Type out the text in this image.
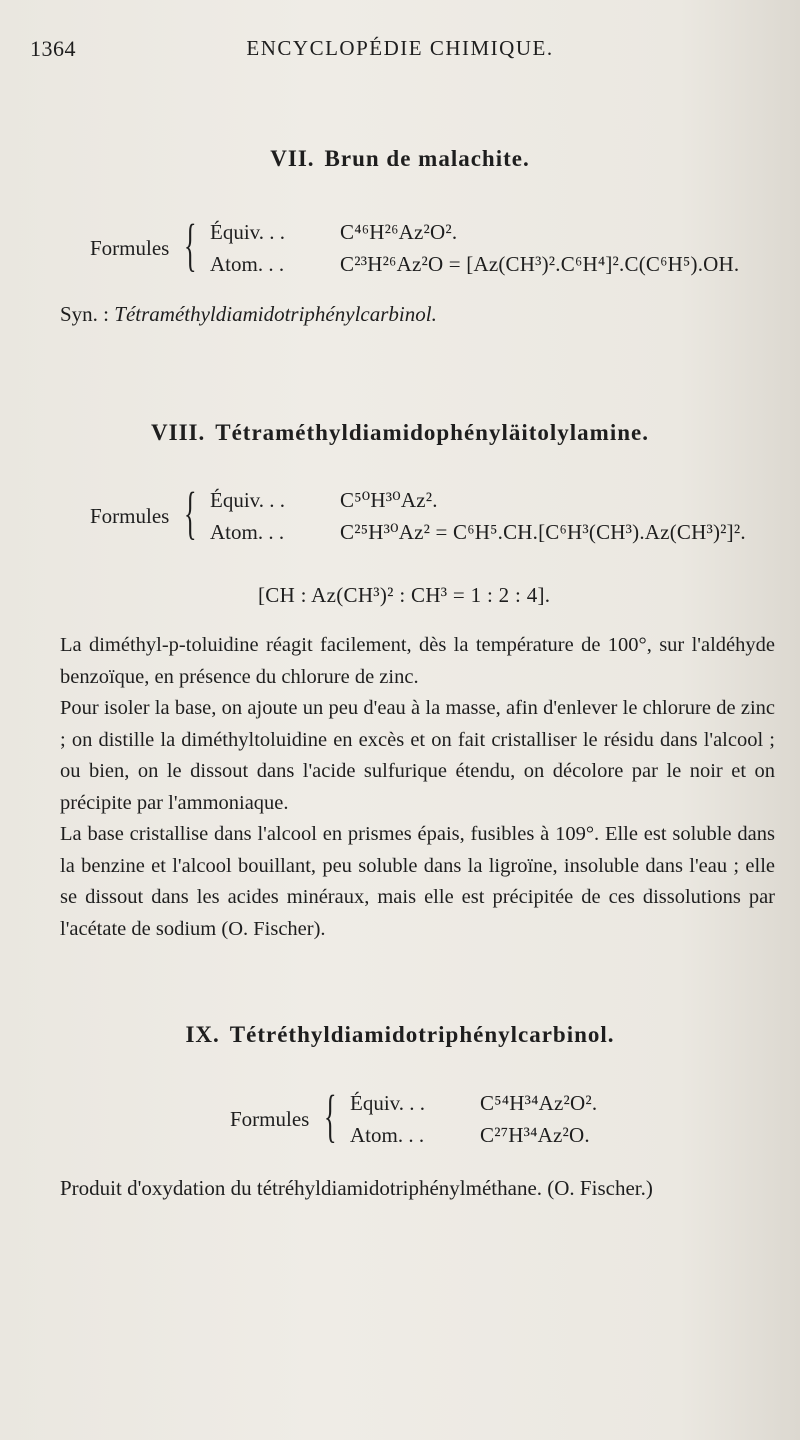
1364	ENCYCLOPÉDIE CHIMIQUE.
VII. Brun de malachite.
Formules { Équiv. . .	C⁴⁶H²⁶Az²O².
Atom. . .	C²³H²⁶Az²O = [Az(CH³)².C⁶H⁴]².C(C⁶H⁵).OH.
Syn. : Tétraméthyldiamidotriphénylcarbinol.
VIII. Tétraméthyldiamidophényläitolylamine.
Formules { Équiv. . .	C⁵⁰H³⁰Az².
Atom. . .	C²⁵H³⁰Az² = C⁶H⁵.CH.[C⁶H³(CH³).Az(CH³)²]².
[CH : Az(CH³)² : CH³ = 1 : 2 : 4].

La diméthyl-p-toluidine réagit facilement, dès la température de 100°, sur l'aldéhyde benzoïque, en présence du chlorure de zinc.

Pour isoler la base, on ajoute un peu d'eau à la masse, afin d'enlever le chlorure de zinc ; on distille la diméthyltoluidine en excès et on fait cristalliser le résidu dans l'alcool ; ou bien, on le dissout dans l'acide sulfurique étendu, on décolore par le noir et on précipite par l'ammoniaque.

La base cristallise dans l'alcool en prismes épais, fusibles à 109°. Elle est soluble dans la benzine et l'alcool bouillant, peu soluble dans la ligroïne, insoluble dans l'eau ; elle se dissout dans les acides minéraux, mais elle est précipitée de ces dissolutions par l'acétate de sodium (O. Fischer).

IX. Tétréthyldiamidotriphénylcarbinol.
Formules { Équiv. . .	C⁵⁴H³⁴Az²O².
Atom. . .	C²⁷H³⁴Az²O.
Produit d'oxydation du tétréhyldiamidotriphénylméthane. (O. Fischer.)
